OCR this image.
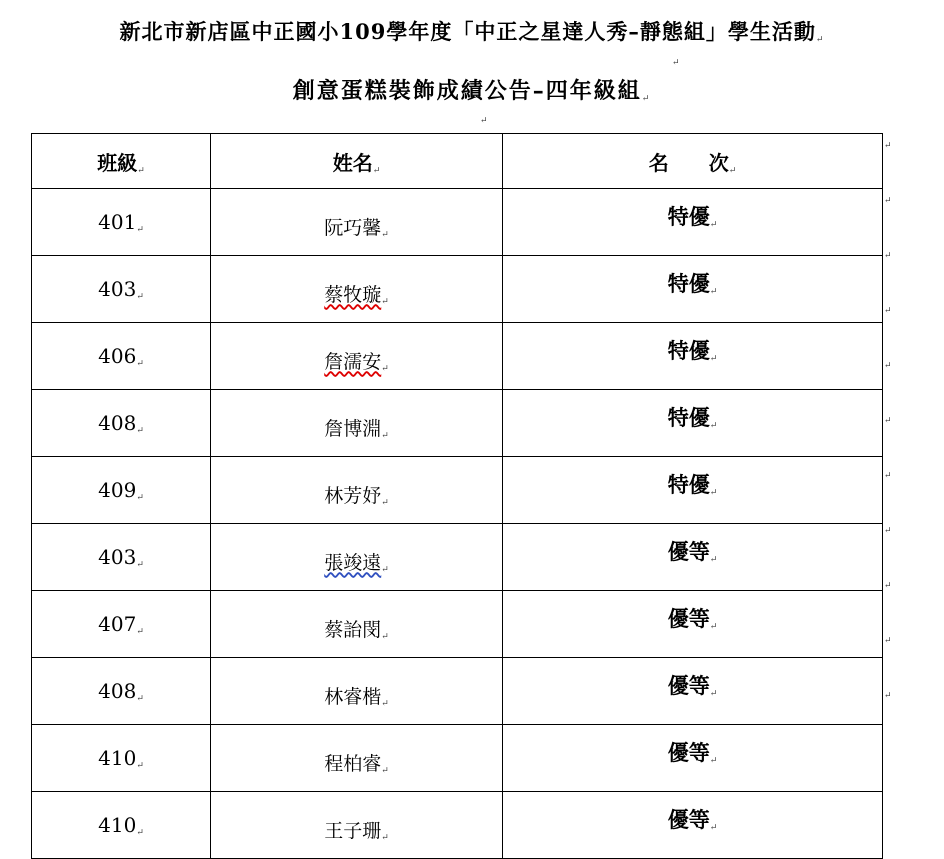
新北市新店區中正國小109學年度「中正之星達人秀–靜態組」學生活動↵
↵
創意蛋糕裝飾成績公告–四年級組↵
↵
班級↵	姓名↵	名　　次↵
401↵	阮巧馨↵	特優↵
403↵	蔡牧璇↵	特優↵
406↵	詹濡安↵	特優↵
408↵	詹博淵↵	特優↵
409↵	林芳妤↵	特優↵
403↵	張竣遠↵	優等↵
407↵	蔡詒閔↵	優等↵
408↵	林睿楷↵	優等↵
410↵	程柏睿↵	優等↵
410↵	王子珊↵	優等↵
↵
↵
↵
↵
↵
↵
↵
↵
↵
↵
↵
